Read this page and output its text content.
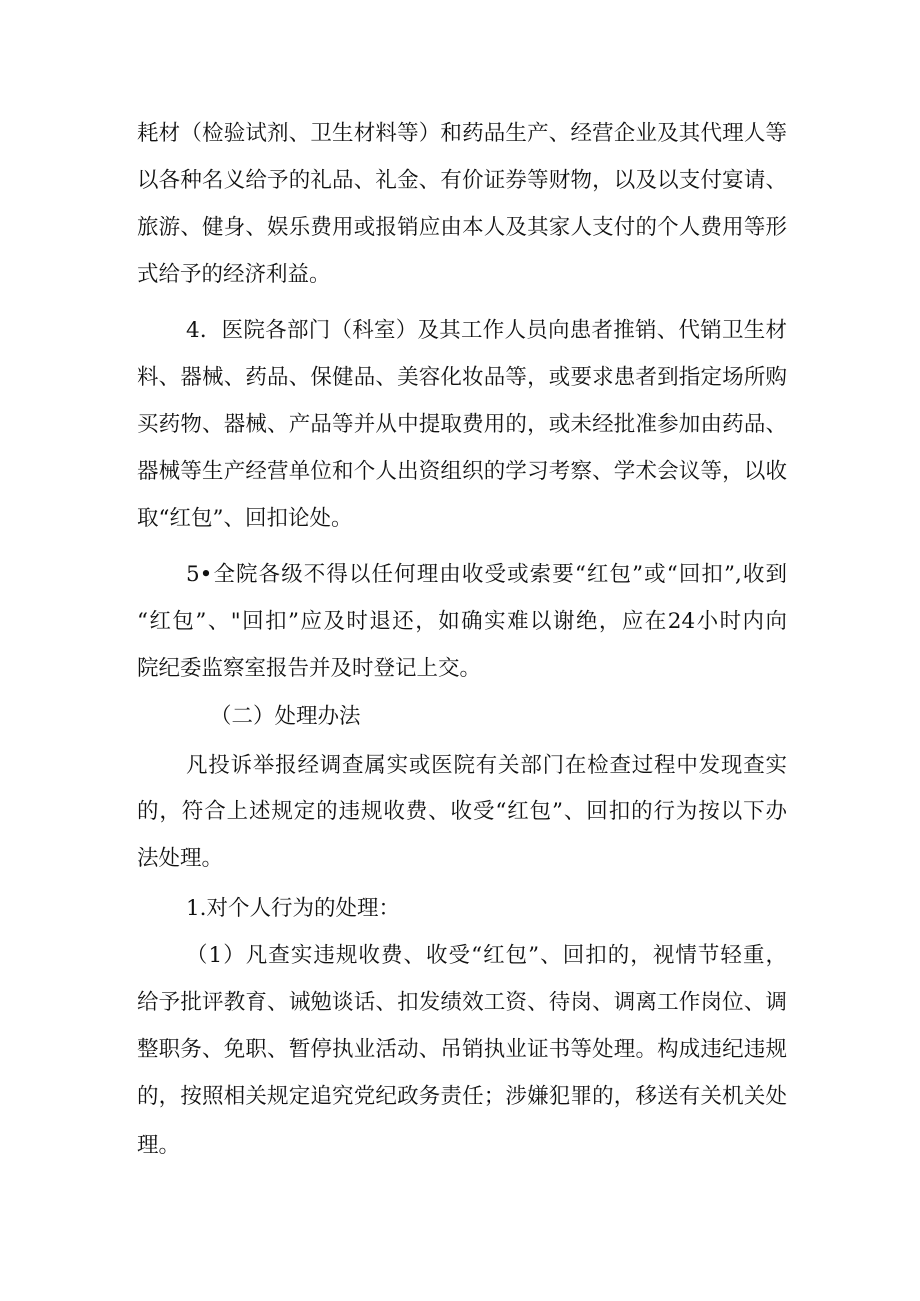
耗材（检验试剂、卫生材料等）和药品生产、经营企业及其代理人等
以各种名义给予的礼品、礼金、有价证券等财物，以及以支付宴请、
旅游、健身、娱乐费用或报销应由本人及其家人支付的个人费用等形
式给予的经济利益。
4．医院各部门（科室）及其工作人员向患者推销、代销卫生材
料、器械、药品、保健品、美容化妆品等，或要求患者到指定场所购
买药物、器械、产品等并从中提取费用的，或未经批准参加由药品、
器械等生产经营单位和个人出资组织的学习考察、学术会议等，以收
取“红包”、回扣论处。
5•全院各级不得以任何理由收受或索要“红包”或“回扣”,收到
“红包”、"回扣”应及时退还，如确实难以谢绝，应在24小时内向
院纪委监察室报告并及时登记上交。
（二）处理办法
凡投诉举报经调查属实或医院有关部门在检查过程中发现查实
的，符合上述规定的违规收费、收受“红包”、回扣的行为按以下办
法处理。
1.对个人行为的处理：
（1）凡查实违规收费、收受“红包”、回扣的，视情节轻重，
给予批评教育、诫勉谈话、扣发绩效工资、待岗、调离工作岗位、调
整职务、免职、暂停执业活动、吊销执业证书等处理。构成违纪违规
的，按照相关规定追究党纪政务责任；涉嫌犯罪的，移送有关机关处
理。
